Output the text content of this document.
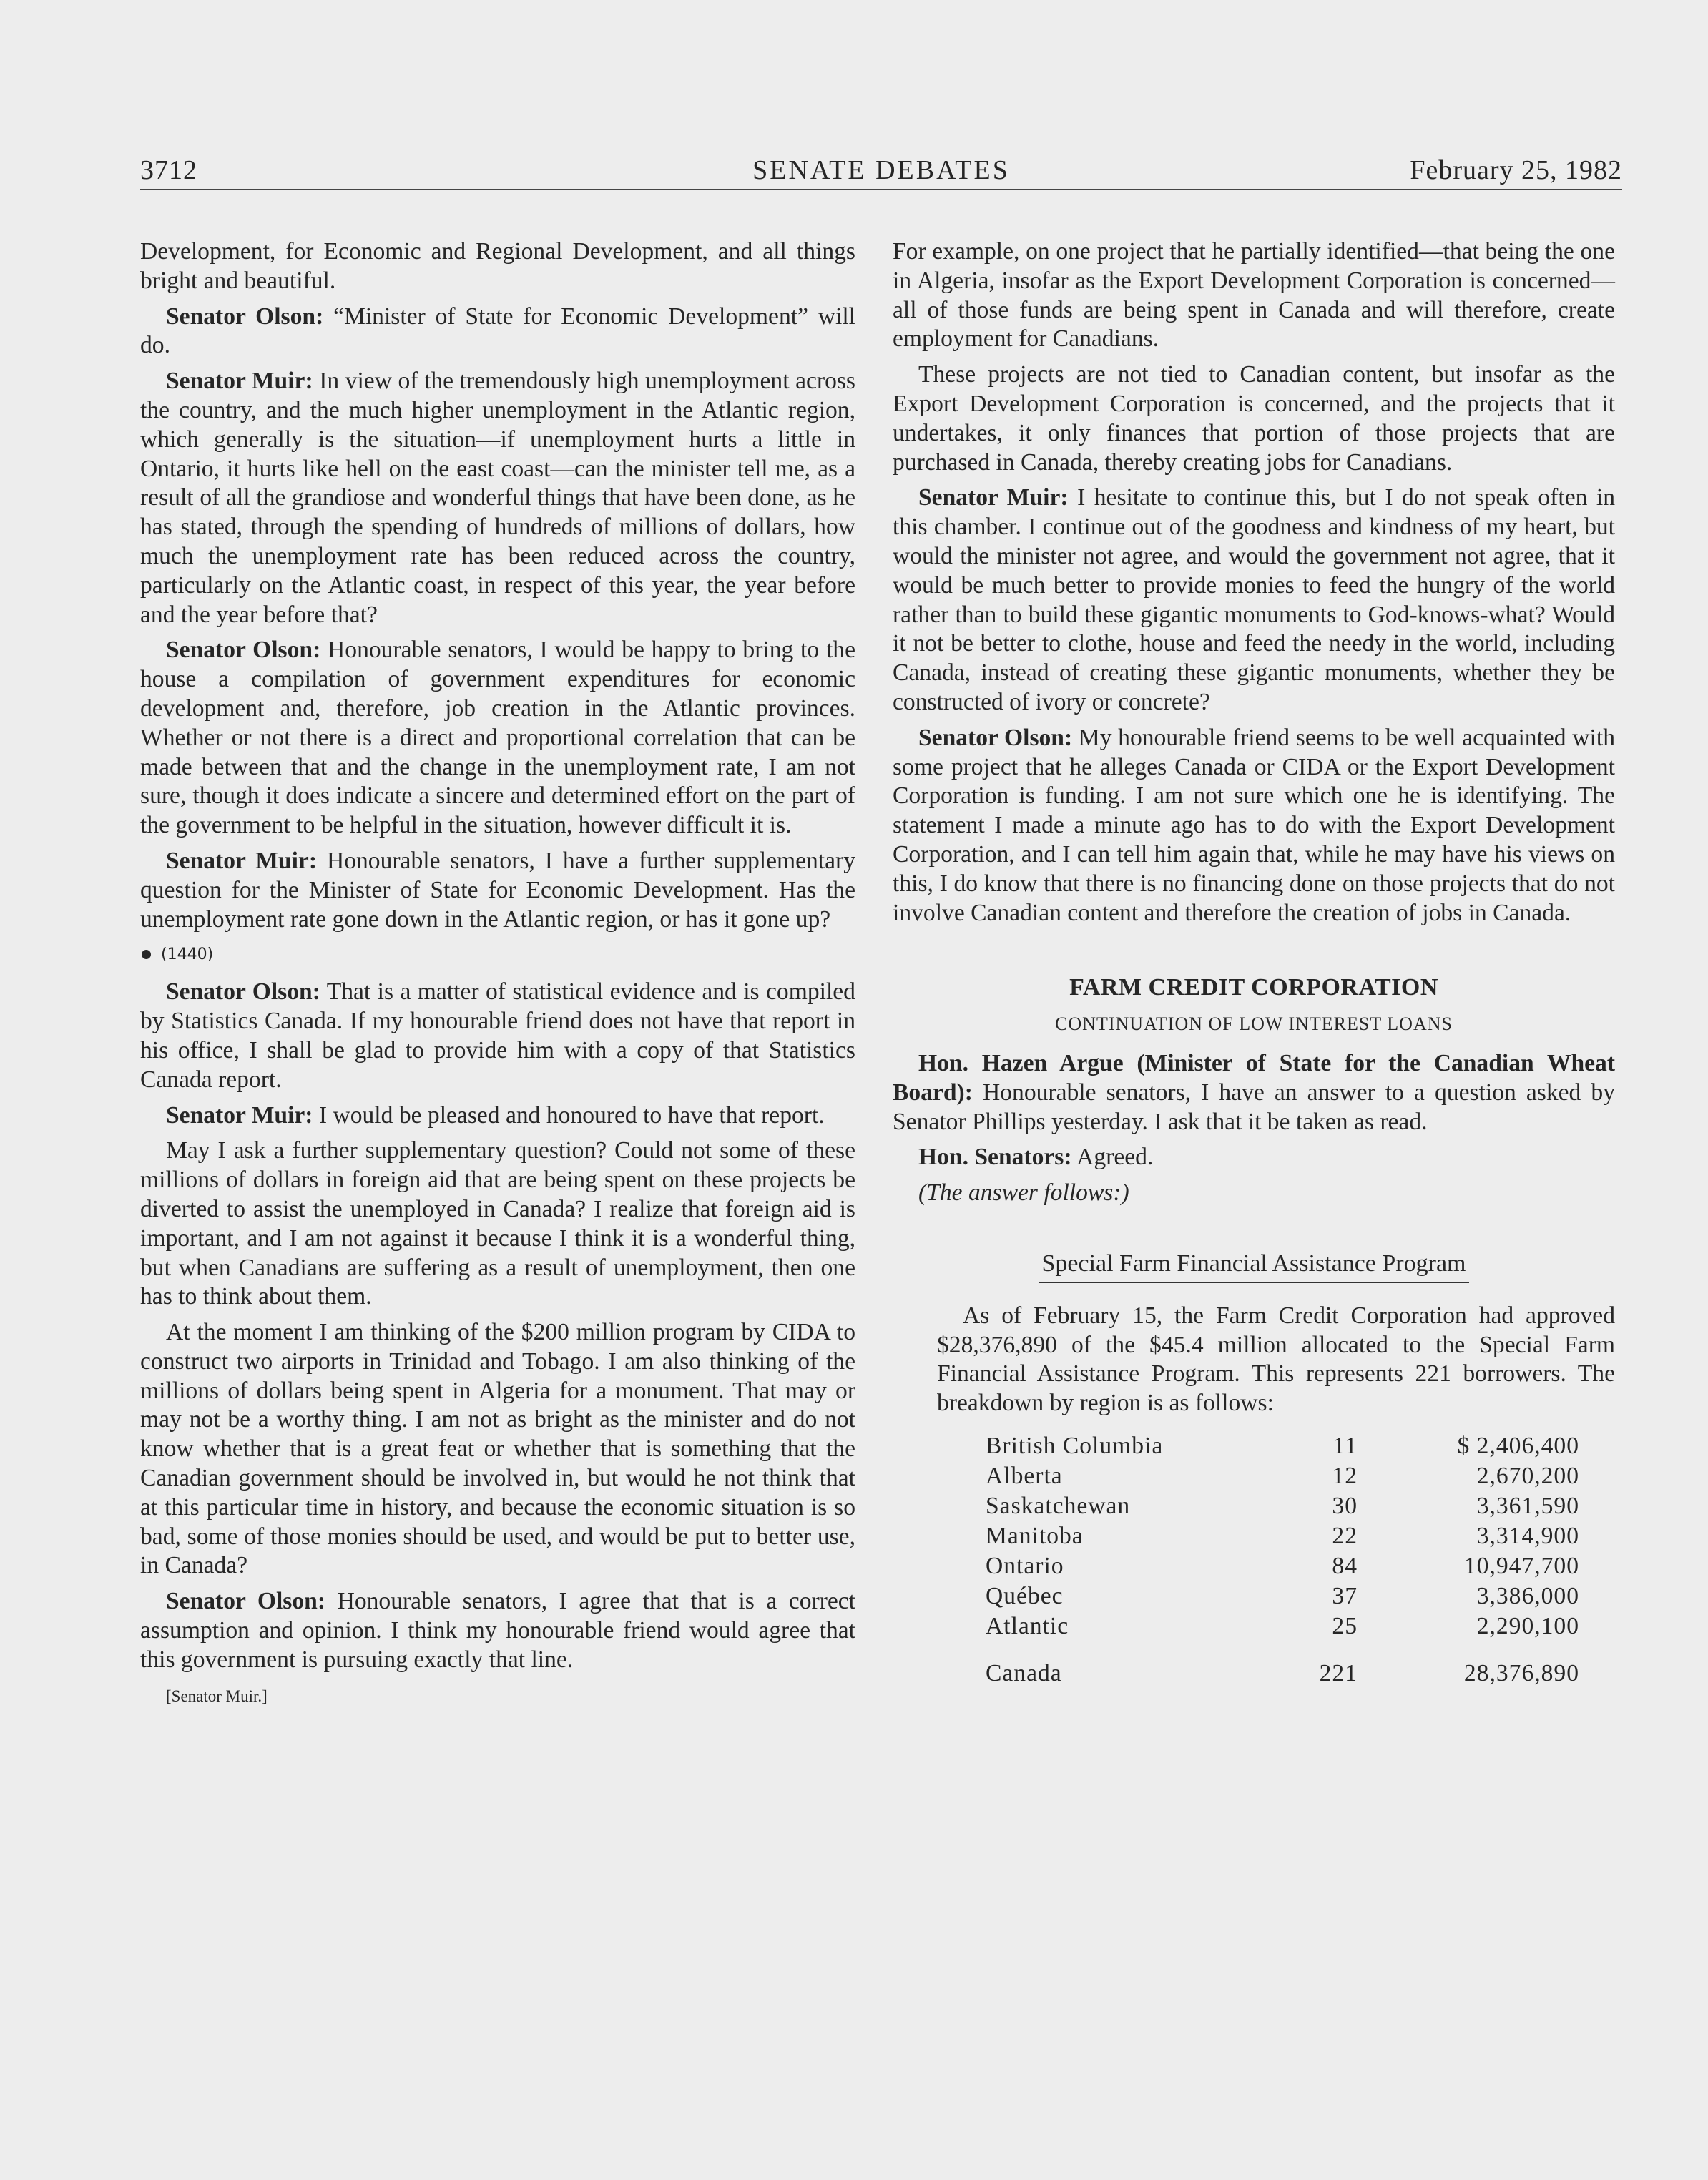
3712	SENATE DEBATES	February 25, 1982

Development, for Economic and Regional Development, and all things bright and beautiful.

Senator Olson: “Minister of State for Economic Development” will do.

Senator Muir: In view of the tremendously high unemployment across the country, and the much higher unemployment in the Atlantic region, which generally is the situation—if unemployment hurts a little in Ontario, it hurts like hell on the east coast—can the minister tell me, as a result of all the grandiose and wonderful things that have been done, as he has stated, through the spending of hundreds of millions of dollars, how much the unemployment rate has been reduced across the country, particularly on the Atlantic coast, in respect of this year, the year before and the year before that?

Senator Olson: Honourable senators, I would be happy to bring to the house a compilation of government expenditures for economic development and, therefore, job creation in the Atlantic provinces. Whether or not there is a direct and proportional correlation that can be made between that and the change in the unemployment rate, I am not sure, though it does indicate a sincere and determined effort on the part of the government to be helpful in the situation, however difficult it is.

Senator Muir: Honourable senators, I have a further supplementary question for the Minister of State for Economic Development. Has the unemployment rate gone down in the Atlantic region, or has it gone up?

(1440)

Senator Olson: That is a matter of statistical evidence and is compiled by Statistics Canada. If my honourable friend does not have that report in his office, I shall be glad to provide him with a copy of that Statistics Canada report.

Senator Muir: I would be pleased and honoured to have that report.

May I ask a further supplementary question? Could not some of these millions of dollars in foreign aid that are being spent on these projects be diverted to assist the unemployed in Canada? I realize that foreign aid is important, and I am not against it because I think it is a wonderful thing, but when Canadians are suffering as a result of unemployment, then one has to think about them.

At the moment I am thinking of the $200 million program by CIDA to construct two airports in Trinidad and Tobago. I am also thinking of the millions of dollars being spent in Algeria for a monument. That may or may not be a worthy thing. I am not as bright as the minister and do not know whether that is a great feat or whether that is something that the Canadian government should be involved in, but would he not think that at this particular time in history, and because the economic situation is so bad, some of those monies should be used, and would be put to better use, in Canada?

Senator Olson: Honourable senators, I agree that that is a correct assumption and opinion. I think my honourable friend would agree that this government is pursuing exactly that line.

[Senator Muir.]

For example, on one project that he partially identified—that being the one in Algeria, insofar as the Export Development Corporation is concerned—all of those funds are being spent in Canada and will therefore, create employment for Canadians.

These projects are not tied to Canadian content, but insofar as the Export Development Corporation is concerned, and the projects that it undertakes, it only finances that portion of those projects that are purchased in Canada, thereby creating jobs for Canadians.

Senator Muir: I hesitate to continue this, but I do not speak often in this chamber. I continue out of the goodness and kindness of my heart, but would the minister not agree, and would the government not agree, that it would be much better to provide monies to feed the hungry of the world rather than to build these gigantic monuments to God-knows-what? Would it not be better to clothe, house and feed the needy in the world, including Canada, instead of creating these gigantic monuments, whether they be constructed of ivory or concrete?

Senator Olson: My honourable friend seems to be well acquainted with some project that he alleges Canada or CIDA or the Export Development Corporation is funding. I am not sure which one he is identifying. The statement I made a minute ago has to do with the Export Development Corporation, and I can tell him again that, while he may have his views on this, I do know that there is no financing done on those projects that do not involve Canadian content and therefore the creation of jobs in Canada.

FARM CREDIT CORPORATION
CONTINUATION OF LOW INTEREST LOANS

Hon. Hazen Argue (Minister of State for the Canadian Wheat Board): Honourable senators, I have an answer to a question asked by Senator Phillips yesterday. I ask that it be taken as read.

Hon. Senators: Agreed.

(The answer follows:)

Special Farm Financial Assistance Program

As of February 15, the Farm Credit Corporation had approved $28,376,890 of the $45.4 million allocated to the Special Farm Financial Assistance Program. This represents 221 borrowers. The breakdown by region is as follows:

British Columbia	11	$ 2,406,400
Alberta	12	2,670,200
Saskatchewan	30	3,361,590
Manitoba	22	3,314,900
Ontario	84	10,947,700
Québec	37	3,386,000
Atlantic	25	2,290,100
Canada	221	28,376,890
